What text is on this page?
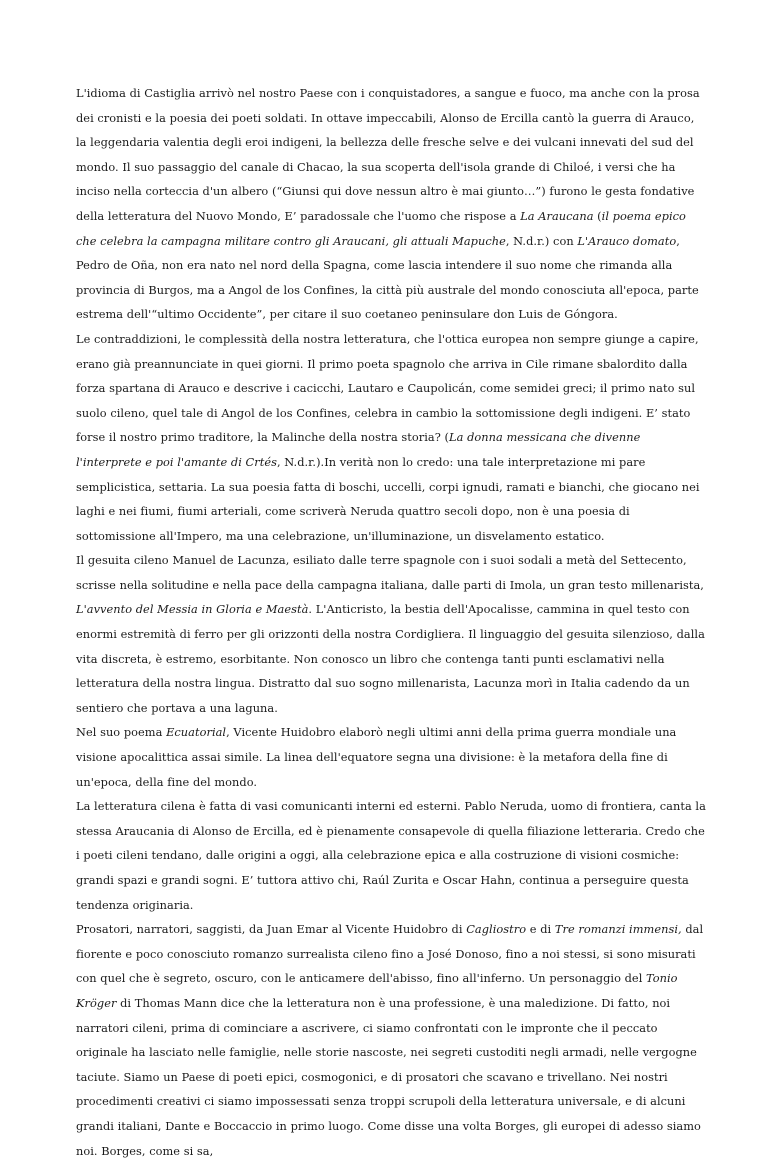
L'idioma di Castiglia arrivò nel nostro Paese con i conquistadores, a sangue e fuoco, ma anche con la prosa dei cronisti e la poesia dei poeti soldati. In ottave impeccabili, Alonso de Ercilla cantò la guerra di Arauco, la leggendaria valentia degli eroi indigeni, la bellezza delle fresche selve e dei vulcani innevati del sud del mondo. Il suo passaggio del canale di Chacao, la sua scoperta dell'isola grande di Chiloé, i versi che ha inciso nella corteccia d'un albero (“Giunsi qui dove nessun altro è mai giunto…”) furono le gesta fondative della letteratura del Nuovo Mondo, E’ paradossale che l'uomo che rispose a La Araucana (il poema epico che celebra la campagna militare contro gli Araucani, gli attuali Mapuche, N.d.r.) con L'Arauco domato, Pedro de Oña, non era nato nel nord della Spagna, come lascia intendere il suo nome che rimanda alla provincia di Burgos, ma a Angol de los Confines, la città più australe del mondo conosciuta all'epoca, parte estrema dell'“ultimo Occidente”, per citare il suo coetaneo peninsulare don Luis de Góngora.

Le contraddizioni, le complessità della nostra letteratura, che l'ottica europea non sempre giunge a capire, erano già preannunciate in quei giorni. Il primo poeta spagnolo che arriva in Cile rimane sbalordito dalla forza spartana di Arauco e descrive i cacicchi, Lautaro e Caupolicán, come semidei greci; il primo nato sul suolo cileno, quel tale di Angol de los Confines, celebra in cambio la sottomissione degli indigeni. E’ stato forse il nostro primo traditore, la Malinche della nostra storia? (La donna messicana che divenne l'interprete e poi l'amante di Crtés, N.d.r.).In verità non lo credo: una tale interpretazione mi pare semplicistica, settaria. La sua poesia fatta di boschi, uccelli, corpi ignudi, ramati e bianchi, che giocano nei laghi e nei fiumi, fiumi arteriali, come scriverà Neruda quattro secoli dopo, non è una poesia di sottomissione all'Impero, ma una celebrazione, un'illuminazione, un disvelamento estatico.

Il gesuita cileno Manuel de Lacunza, esiliato dalle terre spagnole con i suoi sodali a metà del Settecento, scrisse nella solitudine e nella pace della campagna italiana, dalle parti di Imola, un gran testo millenarista, L'avvento del Messia in Gloria e Maestà. L'Anticristo, la bestia dell'Apocalisse, cammina in quel testo con enormi estremità di ferro per gli orizzonti della nostra Cordigliera. Il linguaggio del gesuita silenzioso, dalla vita discreta, è estremo, esorbitante. Non conosco un libro che contenga tanti punti esclamativi nella letteratura della nostra lingua. Distratto dal suo sogno millenarista, Lacunza morì in Italia cadendo da un sentiero che portava a una laguna.

Nel suo poema Ecuatorial, Vicente Huidobro elaborò negli ultimi anni della prima guerra mondiale una visione apocalittica assai simile. La linea dell'equatore segna una divisione: è la metafora della fine di un'epoca, della fine del mondo.

La letteratura cilena è fatta di vasi comunicanti interni ed esterni. Pablo Neruda, uomo di frontiera, canta la stessa Araucania di Alonso de Ercilla, ed è pienamente consapevole di quella filiazione letteraria. Credo che i poeti cileni tendano, dalle origini a oggi, alla celebrazione epica e alla costruzione di visioni cosmiche: grandi spazi e grandi sogni. E’ tuttora attivo chi, Raúl Zurita e Oscar Hahn, continua a perseguire questa tendenza originaria.

Prosatori, narratori, saggisti, da Juan Emar al Vicente Huidobro di Cagliostro e di Tre romanzi immensi, dal fiorente e poco conosciuto romanzo surrealista cileno fino a José Donoso, fino a noi stessi, si sono misurati con quel che è segreto, oscuro, con le anticamere dell'abisso, fino all'inferno. Un personaggio del Tonio Kröger di Thomas Mann dice che la letteratura non è una professione, è una maledizione. Di fatto, noi narratori cileni, prima di cominciare a ascrivere, ci siamo confrontati con le impronte che il peccato originale ha lasciato nelle famiglie, nelle storie nascoste, nei segreti custoditi negli armadi, nelle vergogne taciute. Siamo un Paese di poeti epici, cosmogonici, e di prosatori che scavano e trivellano. Nei nostri procedimenti creativi ci siamo impossessati senza troppi scrupoli della letteratura universale, e di alcuni grandi italiani, Dante e Boccaccio in primo luogo. Come disse una volta Borges, gli europei di adesso siamo noi. Borges, come si sa,
